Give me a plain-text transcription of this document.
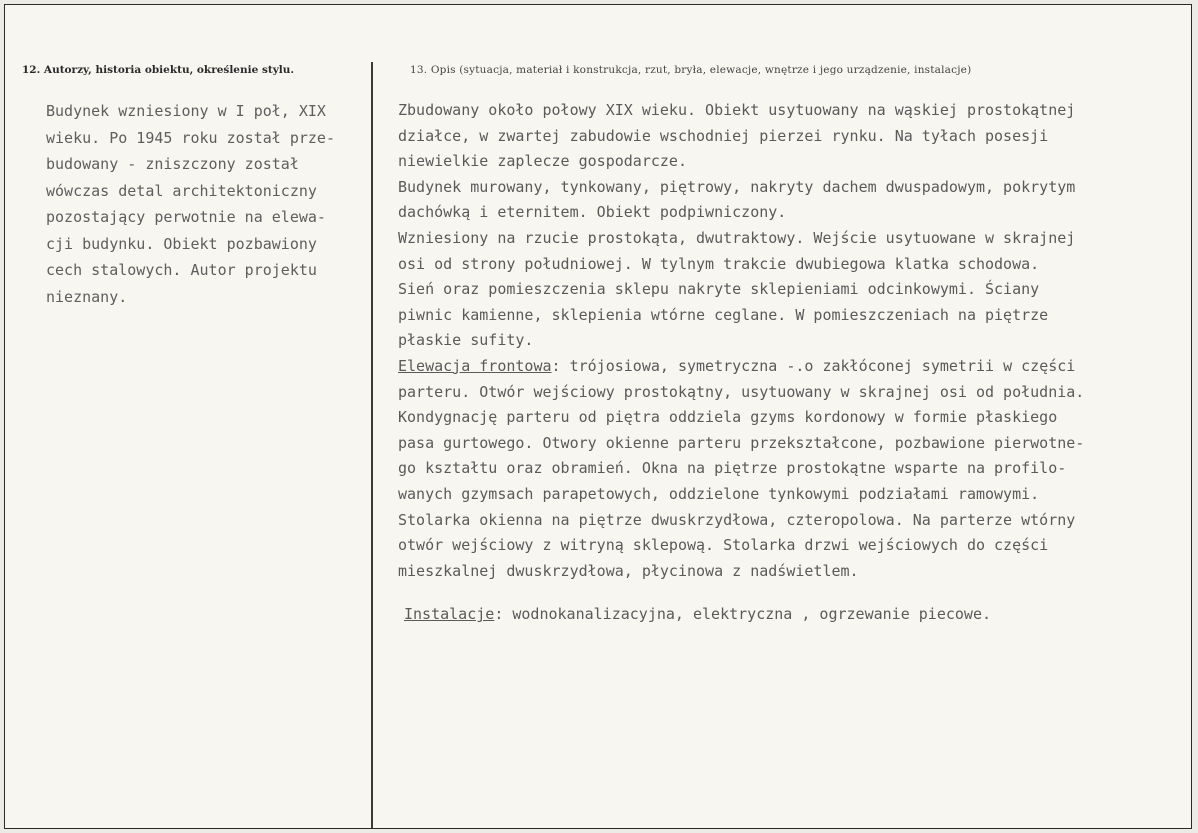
12. Autorzy, historia obiektu, określenie stylu.	13. Opis (sytuacja, materiał i konstrukcja, rzut, bryła, elewacje, wnętrze i jego urządzenie, instalacje)
Budynek wzniesiony w I poł, XIX
wieku. Po 1945 roku został prze-
budowany - zniszczony został
wówczas detal architektoniczny
pozostający perwotnie na elewa-
cji budynku. Obiekt pozbawiony
cech stalowych. Autor projektu
nieznany.
Zbudowany około połowy XIX wieku. Obiekt usytuowany na wąskiej prostokątnej
działce, w zwartej zabudowie wschodniej pierzei rynku. Na tyłach posesji
niewielkie zaplecze gospodarcze.
Budynek murowany, tynkowany, piętrowy, nakryty dachem dwuspadowym, pokrytym
dachówką i eternitem. Obiekt podpiwniczony.
Wzniesiony na rzucie prostokąta, dwutraktowy. Wejście usytuowane w skrajnej
osi od strony południowej. W tylnym trakcie dwubiegowa klatka schodowa.
Sień oraz pomieszczenia sklepu nakryte sklepieniami odcinkowymi. Ściany
piwnic kamienne, sklepienia wtórne ceglane. W pomieszczeniach na piętrze
płaskie sufity.
Elewacja frontowa: trójosiowa, symetryczna -.o zakłóconej symetrii w części
parteru. Otwór wejściowy prostokątny, usytuowany w skrajnej osi od południa.
Kondygnację parteru od piętra oddziela gzyms kordonowy w formie płaskiego
pasa gurtowego. Otwory okienne parteru przekształcone, pozbawione pierwotne-
go kształtu oraz obramień. Okna na piętrze prostokątne wsparte na profilo-
wanych gzymsach parapetowych, oddzielone tynkowymi podziałami ramowymi.
Stolarka okienna na piętrze dwuskrzydłowa, czteropolowa. Na parterze wtórny
otwór wejściowy z witryną sklepową. Stolarka drzwi wejściowych do części
mieszkalnej dwuskrzydłowa, płycinowa z nadświetlem.
Instalacje: wodnokanalizacyjna, elektryczna , ogrzewanie piecowe.
